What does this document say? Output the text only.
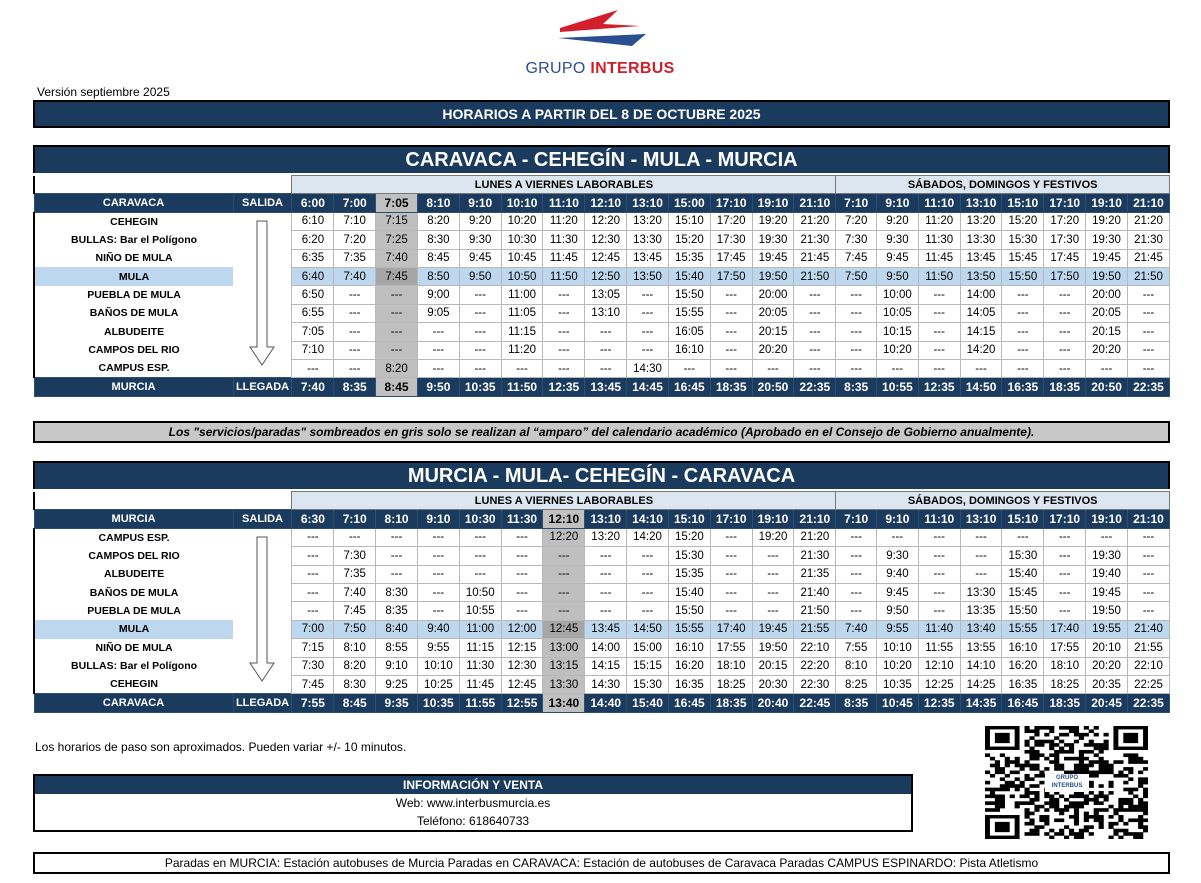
GRUPO INTERBUS
Versión septiembre 2025
HORARIOS A PARTIR DEL 8 DE OCTUBRE 2025
CARAVACA - CEHEGÍN - MULA - MURCIA
		LUNES A VIERNES LABORABLES													SÁBADOS, DOMINGOS Y FESTIVOS							
CARAVACA	SALIDA	6:00	7:00	7:05	8:10	9:10	10:10	11:10	12:10	13:10	15:00	17:10	19:10	21:10	7:10	9:10	11:10	13:10	15:10	17:10	19:10	21:10
CEHEGIN		6:10	7:10	7:15	8:20	9:20	10:20	11:20	12:20	13:20	15:10	17:20	19:20	21:20	7:20	9:20	11:20	13:20	15:20	17:20	19:20	21:20
BULLAS: Bar el Polígono		6:20	7:20	7:25	8:30	9:30	10:30	11:30	12:30	13:30	15:20	17:30	19:30	21:30	7:30	9:30	11:30	13:30	15:30	17:30	19:30	21:30
NIÑO DE MULA		6:35	7:35	7:40	8:45	9:45	10:45	11:45	12:45	13:45	15:35	17:45	19:45	21:45	7:45	9:45	11:45	13:45	15:45	17:45	19:45	21:45
MULA		6:40	7:40	7:45	8:50	9:50	10:50	11:50	12:50	13:50	15:40	17:50	19:50	21:50	7:50	9:50	11:50	13:50	15:50	17:50	19:50	21:50
PUEBLA DE MULA		6:50	---	---	9:00	---	11:00	---	13:05	---	15:50	---	20:00	---	---	10:00	---	14:00	---	---	20:00	---
BAÑOS DE MULA		6:55	---	---	9:05	---	11:05	---	13:10	---	15:55	---	20:05	---	---	10:05	---	14:05	---	---	20:05	---
ALBUDEITE		7:05	---	---	---	---	11:15	---	---	---	16:05	---	20:15	---	---	10:15	---	14:15	---	---	20:15	---
CAMPOS DEL RIO		7:10	---	---	---	---	11:20	---	---	---	16:10	---	20:20	---	---	10:20	---	14:20	---	---	20:20	---
CAMPUS ESP.		---	---	8:20	---	---	---	---	---	14:30	---	---	---	---	---	---	---	---	---	---	---	---
MURCIA	LLEGADA	7:40	8:35	8:45	9:50	10:35	11:50	12:35	13:45	14:45	16:45	18:35	20:50	22:35	8:35	10:55	12:35	14:50	16:35	18:35	20:50	22:35
Los "servicios/paradas" sombreados en gris solo se realizan al “amparo” del calendario académico (Aprobado en el Consejo de Gobierno anualmente).
MURCIA - MULA- CEHEGÍN - CARAVACA
		LUNES A VIERNES LABORABLES													SÁBADOS, DOMINGOS Y FESTIVOS							
MURCIA	SALIDA	6:30	7:10	8:10	9:10	10:30	11:30	12:10	13:10	14:10	15:10	17:10	19:10	21:10	7:10	9:10	11:10	13:10	15:10	17:10	19:10	21:10
CAMPUS ESP.		---	---	---	---	---	---	12:20	13:20	14:20	15:20	---	19:20	21:20	---	---	---	---	---	---	---	---
CAMPOS DEL RIO		---	7:30	---	---	---	---	---	---	---	15:30	---	---	21:30	---	9:30	---	---	15:30	---	19:30	---
ALBUDEITE		---	7:35	---	---	---	---	---	---	---	15:35	---	---	21:35	---	9:40	---	---	15:40	---	19:40	---
BAÑOS DE MULA		---	7:40	8:30	---	10:50	---	---	---	---	15:40	---	---	21:40	---	9:45	---	13:30	15:45	---	19:45	---
PUEBLA DE MULA		---	7:45	8:35	---	10:55	---	---	---	---	15:50	---	---	21:50	---	9:50	---	13:35	15:50	---	19:50	---
MULA		7:00	7:50	8:40	9:40	11:00	12:00	12:45	13:45	14:50	15:55	17:40	19:45	21:55	7:40	9:55	11:40	13:40	15:55	17:40	19:55	21:40
NIÑO DE MULA		7:15	8:10	8:55	9:55	11:15	12:15	13:00	14:00	15:00	16:10	17:55	19:50	22:10	7:55	10:10	11:55	13:55	16:10	17:55	20:10	21:55
BULLAS: Bar el Polígono		7:30	8:20	9:10	10:10	11:30	12:30	13:15	14:15	15:15	16:20	18:10	20:15	22:20	8:10	10:20	12:10	14:10	16:20	18:10	20:20	22:10
CEHEGIN		7:45	8:30	9:25	10:25	11:45	12:45	13:30	14:30	15:30	16:35	18:25	20:30	22:30	8:25	10:35	12:25	14:25	16:35	18:25	20:35	22:25
CARAVACA	LLEGADA	7:55	8:45	9:35	10:35	11:55	12:55	13:40	14:40	15:40	16:45	18:35	20:40	22:45	8:35	10:45	12:35	14:35	16:45	18:35	20:45	22:35
Los horarios de paso son aproximados. Pueden variar +/- 10 minutos.
INFORMACIÓN Y VENTA
Web: www.interbusmurcia.es
Teléfono: 618640733
GRUPO INTERBUS
Paradas en MURCIA: Estación autobuses de Murcia Paradas en CARAVACA: Estación de autobuses de Caravaca Paradas CAMPUS ESPINARDO: Pista Atletismo
